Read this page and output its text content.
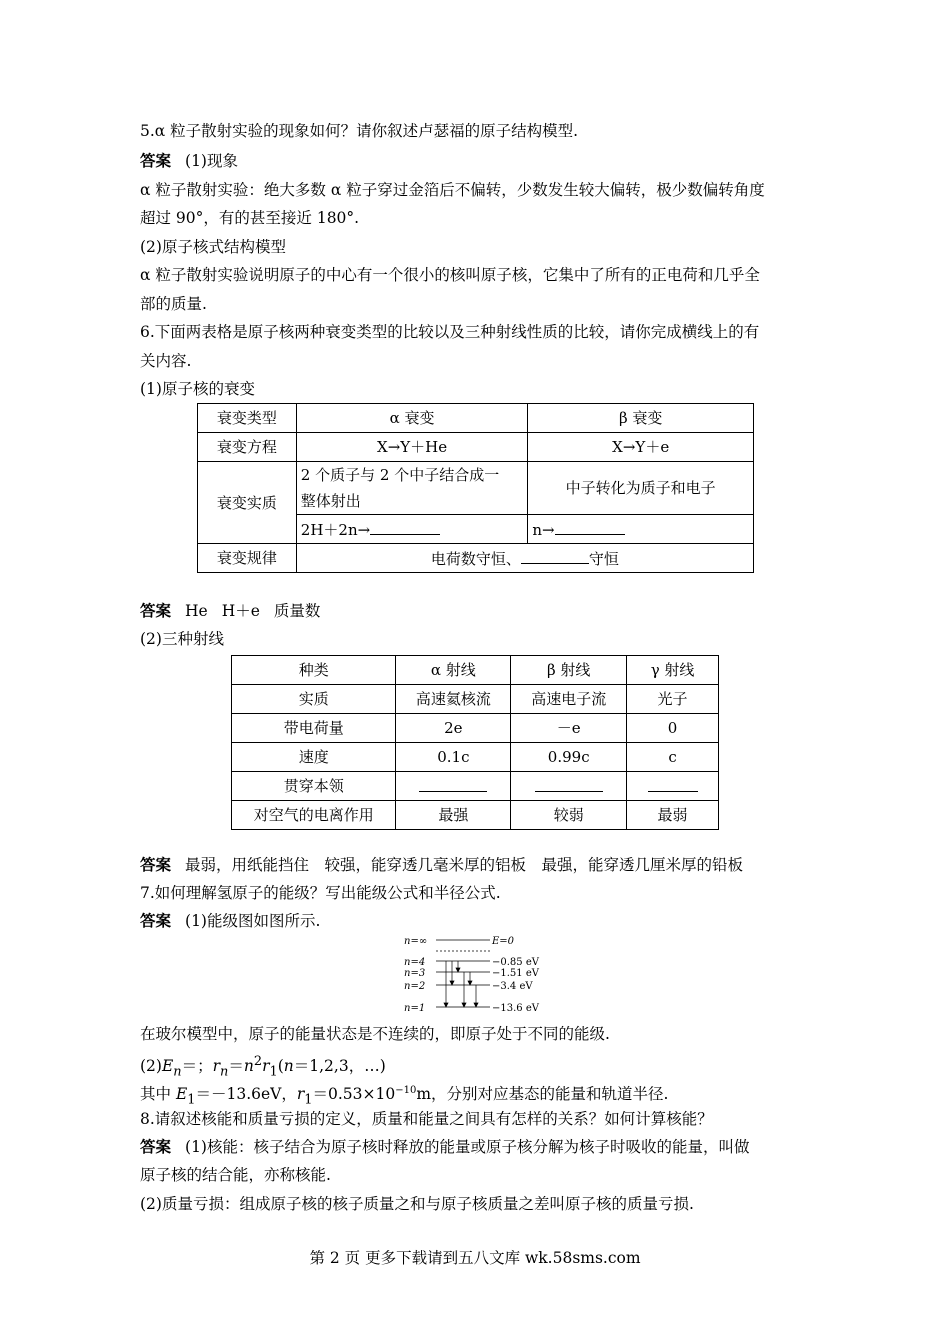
5.α 粒子散射实验的现象如何？请你叙述卢瑟福的原子结构模型.
答案 (1)现象
α 粒子散射实验：绝大多数 α 粒子穿过金箔后不偏转，少数发生较大偏转，极少数偏转角度
超过 90°，有的甚至接近 180°.
(2)原子核式结构模型
α 粒子散射实验说明原子的中心有一个很小的核叫原子核，它集中了所有的正电荷和几乎全
部的质量.
6.下面两表格是原子核两种衰变类型的比较以及三种射线性质的比较，请你完成横线上的有
关内容.
(1)原子核的衰变
衰变类型	α 衰变	β 衰变
衰变方程	X→Y＋He	X→Y＋e
衰变实质	2 个质子与 2 个中子结合成一
整体射出	中子转化为质子和电子
	2H＋2n→	n→
衰变规律	电荷数守恒、 守恒	
答案 He H＋e 质量数
(2)三种射线
种类	α 射线	β 射线	γ 射线
实质	高速氦核流	高速电子流	光子
带电荷量	2e	－e	0
速度	0.1c	0.99c	c
贯穿本领			
对空气的电离作用	最强	较弱	最弱
答案 最弱，用纸能挡住　较强，能穿透几毫米厚的铝板　最强，能穿透几厘米厚的铅板
7.如何理解氢原子的能级？写出能级公式和半径公式.
答案 (1)能级图如图所示.
n=∞	E=0
n=4	−0.85 eV
n=3	−1.51 eV
n=2	−3.4 eV
n=1	−13.6 eV
在玻尔模型中，原子的能量状态是不连续的，即原子处于不同的能级.
$(2)E_n=$；$r_n=n^2r_1(n=1,2,3$，…)
其中 $E_1=-13.6eV$，$r_1=0.53\times 10^{-10}m$，分别对应基态的能量和轨道半径.
8.请叙述核能和质量亏损的定义，质量和能量之间具有怎样的关系？如何计算核能？
答案 (1)核能：核子结合为原子核时释放的能量或原子核分解为核子时吸收的能量，叫做
原子核的结合能，亦称核能.
(2)质量亏损：组成原子核的核子质量之和与原子核质量之差叫原子核的质量亏损.
第 2 页 更多下载请到五八文库 wk.58sms.com
